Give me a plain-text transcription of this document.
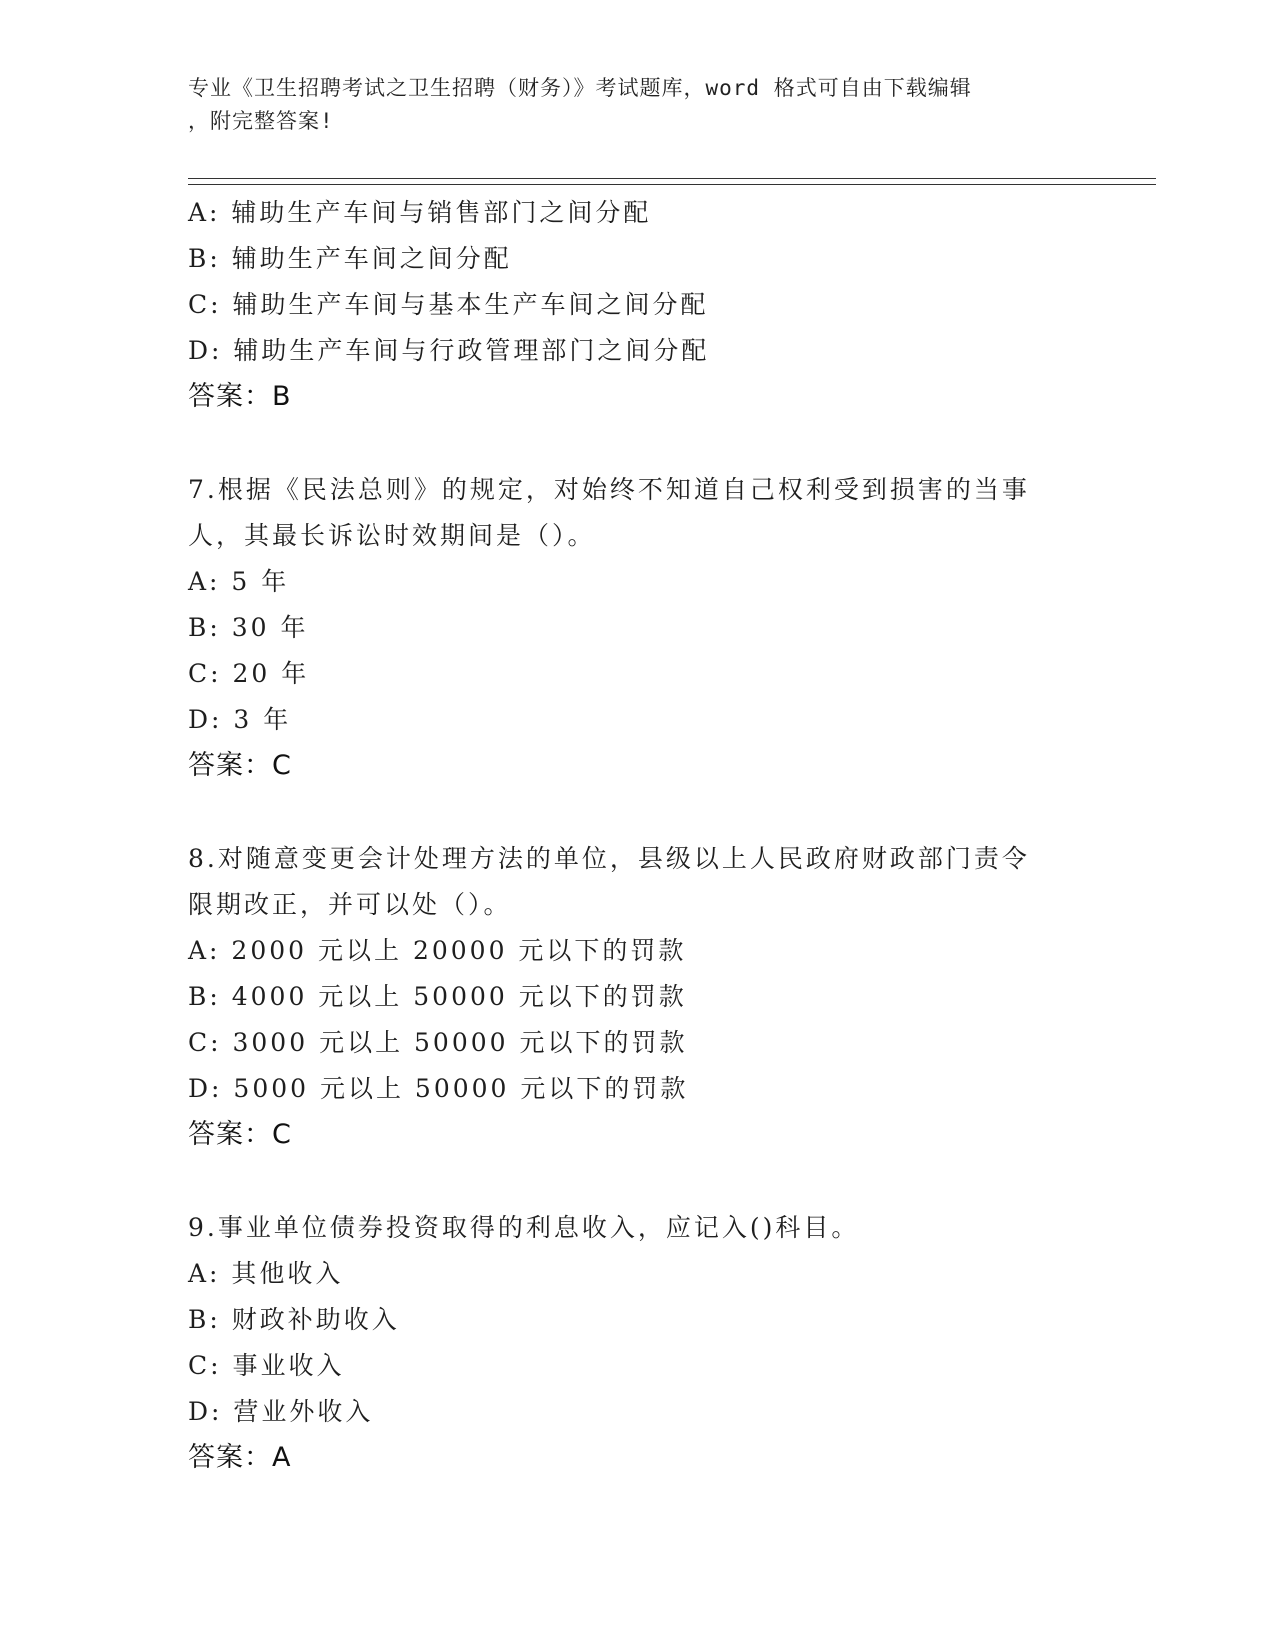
专业《卫生招聘考试之卫生招聘（财务）》考试题库，word 格式可自由下载编辑
，附完整答案!
A: 辅助生产车间与销售部门之间分配
B: 辅助生产车间之间分配
C: 辅助生产车间与基本生产车间之间分配
D: 辅助生产车间与行政管理部门之间分配
答案：B
7.根据《民法总则》的规定，对始终不知道自己权利受到损害的当事
人，其最长诉讼时效期间是（）。
A: 5 年
B: 30 年
C: 20 年
D: 3 年
答案：C
8.对随意变更会计处理方法的单位，县级以上人民政府财政部门责令
限期改正，并可以处（）。
A: 2000 元以上 20000 元以下的罚款
B: 4000 元以上 50000 元以下的罚款
C: 3000 元以上 50000 元以下的罚款
D: 5000 元以上 50000 元以下的罚款
答案：C
9.事业单位债券投资取得的利息收入，应记入()科目。
A: 其他收入
B: 财政补助收入
C: 事业收入
D: 营业外收入
答案：A
